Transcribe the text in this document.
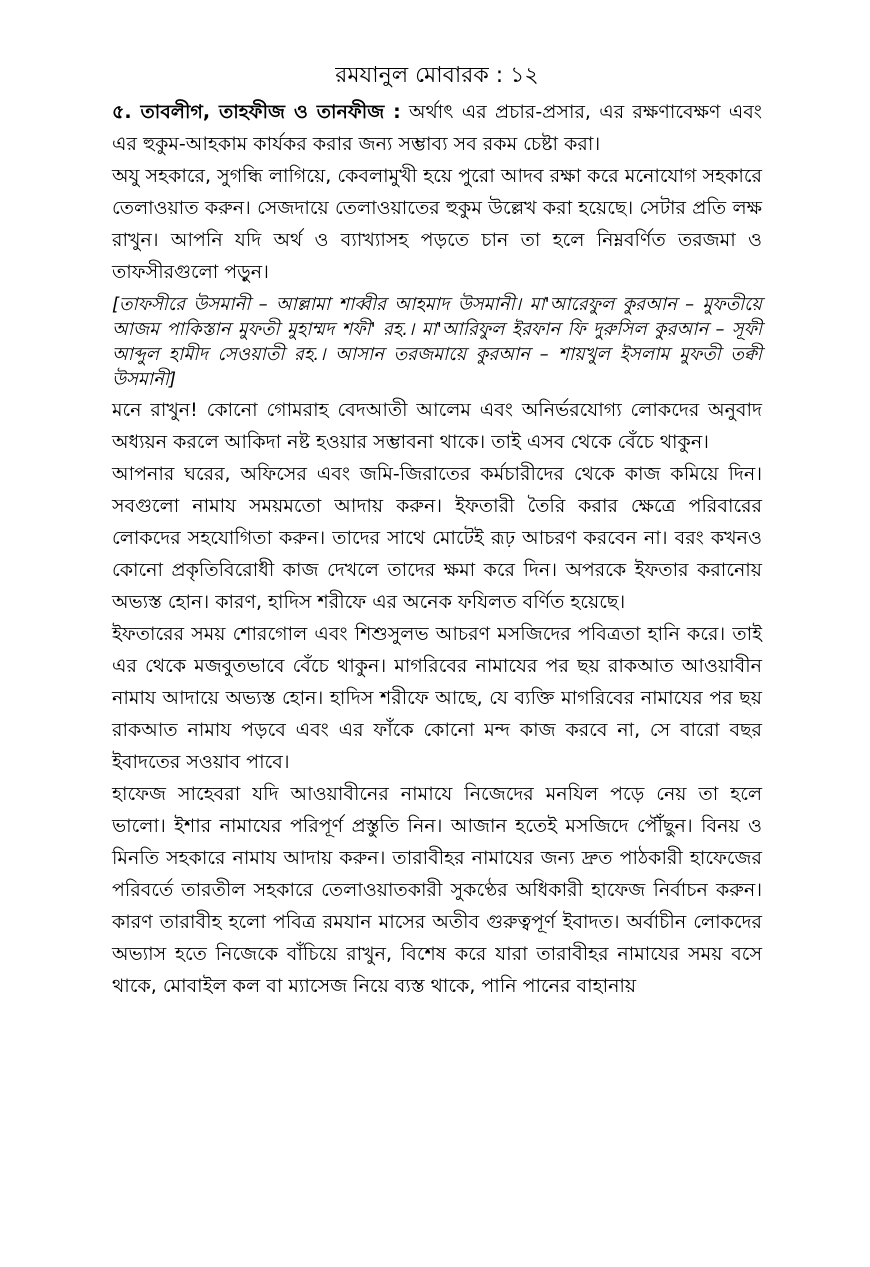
রমযানুল মোবারক : ১২

৫. তাবলীগ, তাহফীজ ও তানফীজ : অর্থাৎ এর প্রচার-প্রসার, এর রক্ষণাবেক্ষণ এবং এর হুকুম-আহকাম কার্যকর করার জন্য সম্ভাব্য সব রকম চেষ্টা করা।

অযু সহকারে, সুগন্ধি লাগিয়ে, কেবলামুখী হয়ে পুরো আদব রক্ষা করে মনোযোগ সহকারে তেলাওয়াত করুন। সেজদায়ে তেলাওয়াতের হুকুম উল্লেখ করা হয়েছে। সেটার প্রতি লক্ষ রাখুন। আপনি যদি অর্থ ও ব্যাখ্যাসহ পড়তে চান তা হলে নিম্নবর্ণিত তরজমা ও তাফসীরগুলো পড়ুন।

[তাফসীরে উসমানী – আল্লামা শাব্বীর আহমাদ উসমানী। মা'আরেফুল কুরআন – মুফতীয়ে আজম পাকিস্তান মুফতী মুহাম্মদ শফী' রহ.। মা'আরিফুল ইরফান ফি দুরুসিল কুরআন – সূফী আব্দুল হামীদ সেওয়াতী রহ.। আসান তরজমায়ে কুরআন – শায়খুল ইসলাম মুফতী তক্বী উসমানী]

মনে রাখুন! কোনো গোমরাহ বেদআতী আলেম এবং অনির্ভরযোগ্য লোকদের অনুবাদ অধ্যয়ন করলে আকিদা নষ্ট হওয়ার সম্ভাবনা থাকে। তাই এসব থেকে বেঁচে থাকুন।

আপনার ঘরের, অফিসের এবং জমি-জিরাতের কর্মচারীদের থেকে কাজ কমিয়ে দিন। সবগুলো নামায সময়মতো আদায় করুন। ইফতারী তৈরি করার ক্ষেত্রে পরিবারের লোকদের সহযোগিতা করুন। তাদের সাথে মোটেই রূঢ় আচরণ করবেন না। বরং কখনও কোনো প্রকৃতিবিরোধী কাজ দেখলে তাদের ক্ষমা করে দিন। অপরকে ইফতার করানোয় অভ্যস্ত হোন। কারণ, হাদিস শরীফে এর অনেক ফযিলত বর্ণিত হয়েছে।

ইফতারের সময় শোরগোল এবং শিশুসুলভ আচরণ মসজিদের পবিত্রতা হানি করে। তাই এর থেকে মজবুতভাবে বেঁচে থাকুন। মাগরিবের নামাযের পর ছয় রাকআত আওয়াবীন নামায আদায়ে অভ্যস্ত হোন। হাদিস শরীফে আছে, যে ব্যক্তি মাগরিবের নামাযের পর ছয় রাকআত নামায পড়বে এবং এর ফাঁকে কোনো মন্দ কাজ করবে না, সে বারো বছর ইবাদতের সওয়াব পাবে।

হাফেজ সাহেবরা যদি আওয়াবীনের নামাযে নিজেদের মনযিল পড়ে নেয় তা হলে ভালো। ইশার নামাযের পরিপূর্ণ প্রস্তুতি নিন। আজান হতেই মসজিদে পৌঁছুন। বিনয় ও মিনতি সহকারে নামায আদায় করুন। তারাবীহর নামাযের জন্য দ্রুত পাঠকারী হাফেজের পরিবর্তে তারতীল সহকারে তেলাওয়াতকারী সুকণ্ঠের অধিকারী হাফেজ নির্বাচন করুন। কারণ তারাবীহ হলো পবিত্র রমযান মাসের অতীব গুরুত্বপূর্ণ ইবাদত। অর্বাচীন লোকদের অভ্যাস হতে নিজেকে বাঁচিয়ে রাখুন, বিশেষ করে যারা তারাবীহর নামাযের সময় বসে থাকে, মোবাইল কল বা ম্যাসেজ নিয়ে ব্যস্ত থাকে, পানি পানের বাহানায়
